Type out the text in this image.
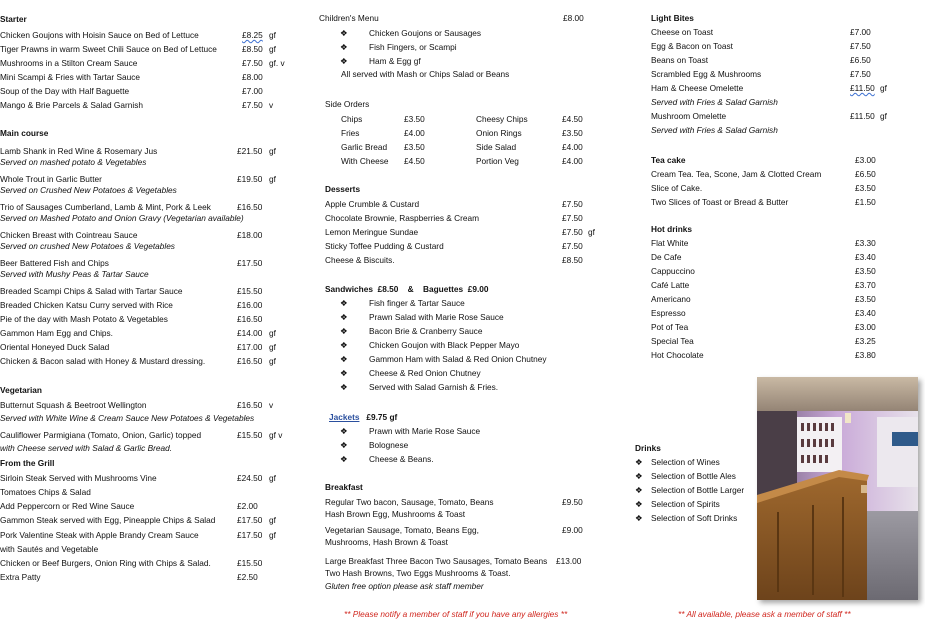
Starter
Chicken Goujons with Hoisin Sauce on Bed of Lettuce	£8.25 gf
Tiger Prawns in warm Sweet Chili Sauce on Bed of Lettuce	£8.50 gf
Mushrooms in a Stilton Cream Sauce	£7.50 gf. v
Mini Scampi & Fries with Tartar Sauce	£8.00
Soup of the Day with Half Baguette	£7.00
Mango & Brie Parcels & Salad Garnish	£7.50 v
Main course
Lamb Shank in Red Wine & Rosemary Jus	£21.50 gf
Served on mashed potato & Vegetables
Whole Trout in Garlic Butter	£19.50 gf
Served on Crushed New Potatoes & Vegetables
Trio of Sausages Cumberland, Lamb & Mint, Pork & Leek	£16.50
Served on Mashed Potato and Onion Gravy (Vegetarian available)
Chicken Breast with Cointreau Sauce	£18.00
Served on crushed New Potatoes & Vegetables
Beer Battered Fish and Chips	£17.50
Served with Mushy Peas & Tartar Sauce
Breaded Scampi Chips & Salad with Tartar Sauce	£15.50
Breaded Chicken Katsu Curry served with Rice	£16.00
Pie of the day with Mash Potato & Vegetables	£16.50
Gammon Ham Egg and Chips.	£14.00 gf
Oriental Honeyed Duck Salad	£17.00 gf
Chicken & Bacon salad with Honey & Mustard dressing.	£16.50 gf
Vegetarian
Butternut Squash & Beetroot Wellington	£16.50 v
Served with White Wine & Cream Sauce New Potatoes & Vegetables
Cauliflower Parmigiana (Tomato, Onion, Garlic) topped	£15.50 gf v
with Cheese served with Salad & Garlic Bread.
From the Grill
Sirloin Steak Served with Mushrooms Vine
Tomatoes Chips & Salad
£24.50 gf
Add Peppercorn or Red Wine Sauce	£2.00
Gammon Steak served with Egg, Pineapple Chips & Salad	£17.50 gf
Pork Valentine Steak with Apple Brandy Cream Sauce
with Sautés and Vegetable
£17.50 gf
Chicken or Beef Burgers, Onion Ring with Chips & Salad.	£15.50
Extra Patty	£2.50
Children's Menu	£8.00
❖	Chicken Goujons or Sausages
❖	Fish Fingers, or Scampi
❖	Ham & Egg gf
All served with Mash or Chips Salad or Beans
Side Orders
Chips	£3.50	Cheesy Chips	£4.50
Fries	£4.00	Onion Rings	£3.50
Garlic Bread £3.50	Side Salad	£4.00
With Cheese £4.50	Portion Veg	£4.00
Desserts
Apple Crumble & Custard	£7.50
Chocolate Brownie, Raspberries & Cream	£7.50
Lemon Meringue Sundae	£7.50 gf
Sticky Toffee Pudding & Custard	£7.50
Cheese & Biscuits.	£8.50
Sandwiches £8.50 & Baguettes £9.00
❖	Fish finger & Tartar Sauce
❖	Prawn Salad with Marie Rose Sauce
❖	Bacon Brie & Cranberry Sauce
❖	Chicken Goujon with Black Pepper Mayo
❖	Gammon Ham with Salad & Red Onion Chutney
❖	Cheese & Red Onion Chutney
❖	Served with Salad Garnish & Fries.
Jackets £9.75 gf
❖	Prawn with Marie Rose Sauce
❖	Bolognese
❖	Cheese & Beans.
Breakfast
Regular Two bacon, Sausage, Tomato, Beans
Hash Brown Egg, Mushrooms & Toast
£9.50
Vegetarian Sausage, Tomato, Beans Egg,
Mushrooms, Hash Brown & Toast
£9.00
Large Breakfast Three Bacon Two Sausages, Tomato Beans
Two Hash Browns, Two Eggs Mushrooms & Toast.
£13.00
Gluten free option please ask staff member
** Please notify a member of staff if you have any allergies **
Light Bites
Cheese on Toast	£7.00
Egg & Bacon on Toast	£7.50
Beans on Toast	£6.50
Scrambled Egg & Mushrooms	£7.50
Ham & Cheese Omelette	£11.50 gf
Served with Fries & Salad Garnish
Mushroom Omelette	£11.50 gf
Served with Fries & Salad Garnish
Tea cake	£3.00
Cream Tea. Tea, Scone, Jam & Clotted Cream	£6.50
Slice of Cake.	£3.50
Two Slices of Toast or Bread & Butter	£1.50
Hot drinks
Flat White	£3.30
De Cafe	£3.40
Cappuccino	£3.50
Café Latte	£3.70
Americano	£3.50
Espresso	£3.40
Pot of Tea	£3.00
Special Tea	£3.25
Hot Chocolate	£3.80
Drinks
❖ Selection of Wines
❖ Selection of Bottle Ales
❖ Selection of Bottle Larger
❖ Selection of Spirits
❖ Selection of Soft Drinks
** All available, please ask a member of staff **
